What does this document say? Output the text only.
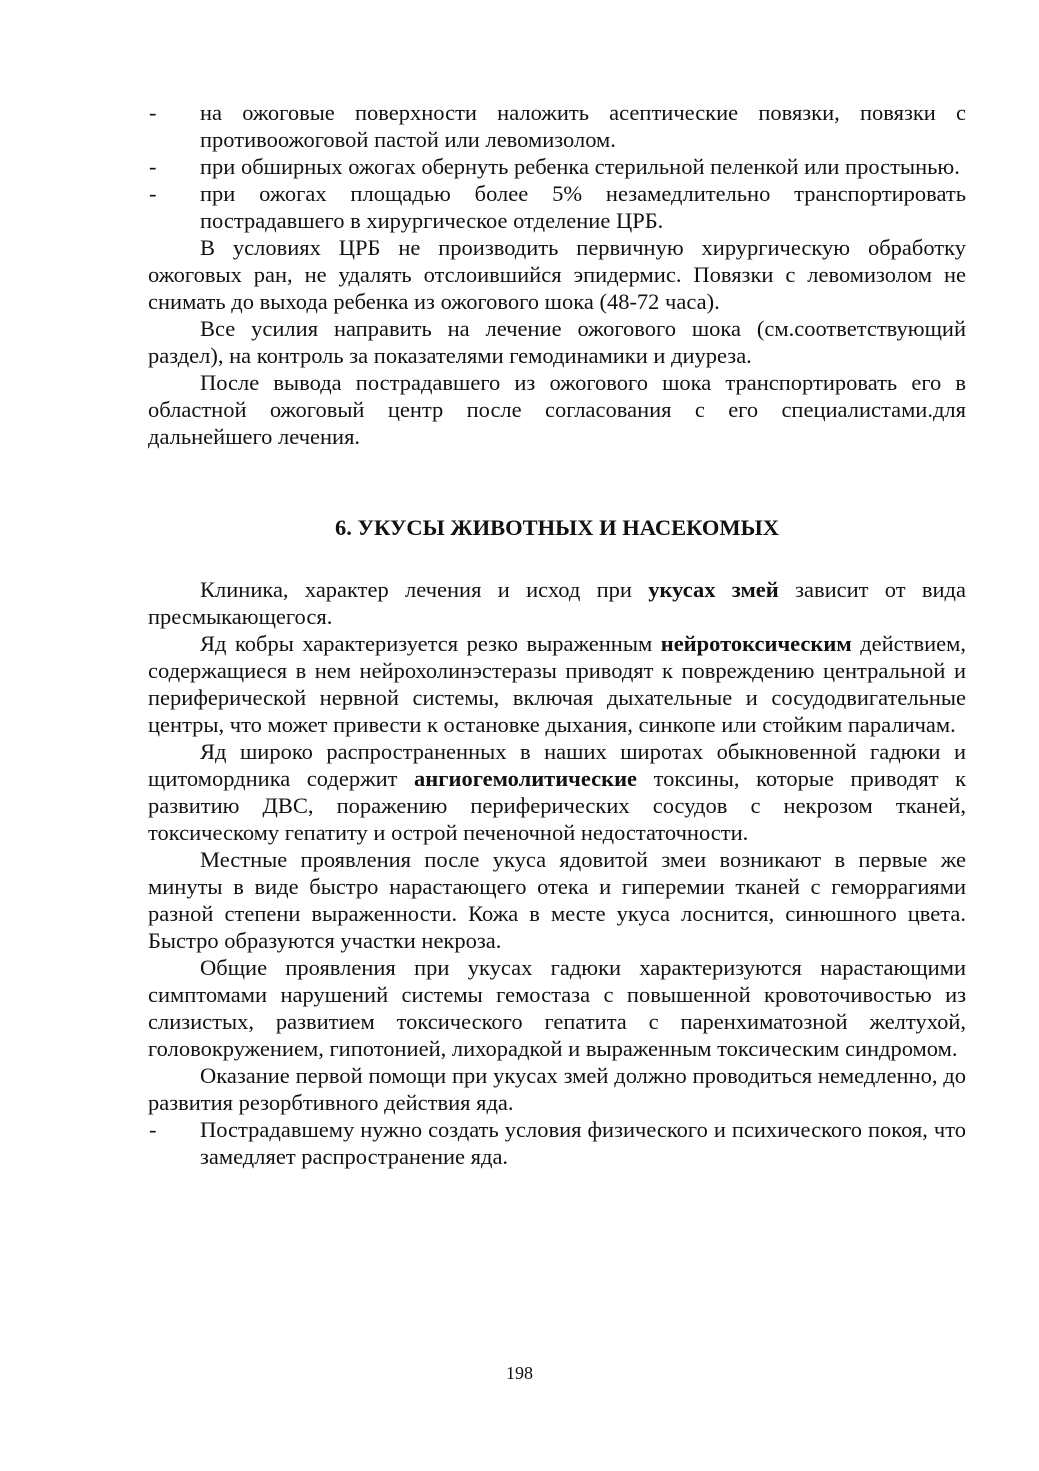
- на ожоговые поверхности наложить асептические повязки, повязки с противоожоговой пастой или левомизолом.

- при обширных ожогах обернуть ребенка стерильной пеленкой или простынью.

- при ожогах площадью более 5% незамедлительно транспортировать пострадавшего в хирургическое отделение ЦРБ.

В условиях ЦРБ не производить первичную хирургическую обработку ожоговых ран, не удалять отслоившийся эпидермис. Повязки с левомизолом не снимать до выхода ребенка из ожогового шока (48-72 часа).

Все усилия направить на лечение ожогового шока (см.соответствующий раздел), на контроль за показателями гемодинамики и диуреза.

После вывода пострадавшего из ожогового шока транспортировать его в областной ожоговый центр после согласования с его специалистами.для дальнейшего лечения.

6. УКУСЫ ЖИВОТНЫХ И НАСЕКОМЫХ

Клиника, характер лечения и исход при укусах змей зависит от вида пресмыкающегося.

Яд кобры характеризуется резко выраженным нейротоксическим действием, содержащиеся в нем нейрохолинэстеразы приводят к повреждению центральной и периферической нервной системы, включая дыхательные и сосудодвигательные центры, что может привести к остановке дыхания, синкопе или стойким параличам.

Яд широко распространенных в наших широтах обыкновенной гадюки и щитомордника содержит ангиогемолитические токсины, которые приводят к развитию ДВС, поражению периферических сосудов с некрозом тканей, токсическому гепатиту и острой печеночной недостаточности.

Местные проявления после укуса ядовитой змеи возникают в первые же минуты в виде быстро нарастающего отека и гиперемии тканей с геморрагиями разной степени выраженности. Кожа в месте укуса лоснится, синюшного цвета. Быстро образуются участки некроза.

Общие проявления при укусах гадюки характеризуются нарастающими симптомами нарушений системы гемостаза с повышенной кровоточивостью из слизистых, развитием токсического гепатита с паренхиматозной желтухой, головокружением, гипотонией, лихорадкой и выраженным токсическим синдромом.

Оказание первой помощи при укусах змей должно проводиться немедленно, до развития резорбтивного действия яда.

- Пострадавшему нужно создать условия физического и психического покоя, что замедляет распространение яда.

198
